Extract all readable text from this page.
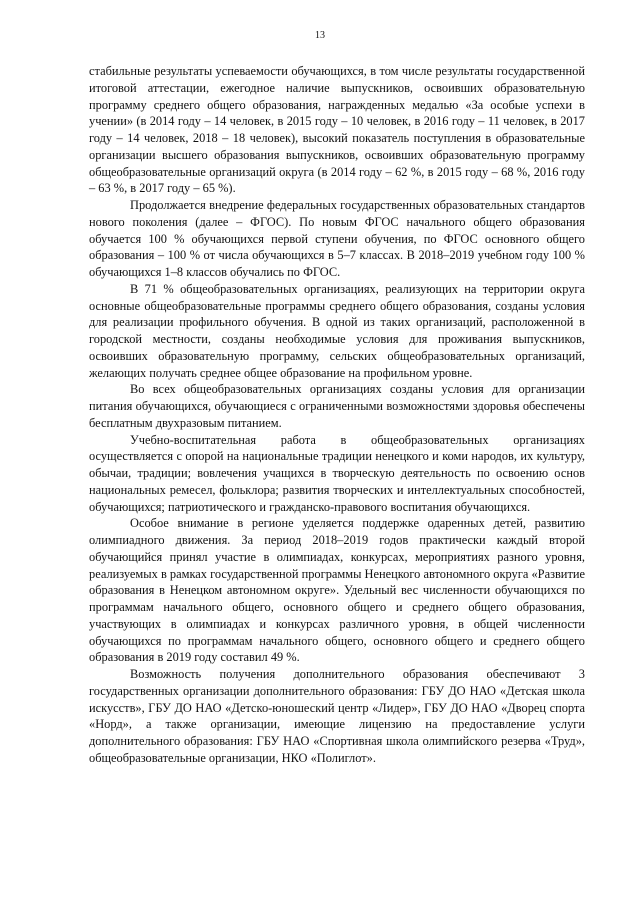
13

стабильные результаты успеваемости обучающихся, в том числе результаты государственной итоговой аттестации, ежегодное наличие выпускников, освоивших образовательную программу среднего общего образования, награжденных медалью «За особые успехи в учении» (в 2014 году – 14 человек, в 2015 году – 10 человек, в 2016 году – 11 человек, в 2017 году – 14 человек, 2018 – 18 человек), высокий показатель поступления в образовательные организации высшего образования выпускников, освоивших образовательную программу общеобразовательные организаций округа (в 2014 году – 62 %, в 2015 году – 68 %, 2016 году – 63 %, в 2017 году – 65 %).

Продолжается внедрение федеральных государственных образовательных стандартов нового поколения (далее – ФГОС). По новым ФГОС начального общего образования обучается 100 % обучающихся первой ступени обучения, по ФГОС основного общего образования – 100 % от числа обучающихся в 5–7 классах. В 2018–2019 учебном году 100 % обучающихся 1–8 классов обучались по ФГОС.

В 71 % общеобразовательных организациях, реализующих на территории округа основные общеобразовательные программы среднего общего образования, созданы условия для реализации профильного обучения. В одной из таких организаций, расположенной в городской местности, созданы необходимые условия для проживания выпускников, освоивших образовательную программу, сельских общеобразовательных организаций, желающих получать среднее общее образование на профильном уровне.

Во всех общеобразовательных организациях созданы условия для организации питания обучающихся, обучающиеся с ограниченными возможностями здоровья обеспечены бесплатным двухразовым питанием.

Учебно-воспитательная работа в общеобразовательных организациях осуществляется с опорой на национальные традиции ненецкого и коми народов, их культуру, обычаи, традиции; вовлечения учащихся в творческую деятельность по освоению основ национальных ремесел, фольклора; развития творческих и интеллектуальных способностей, обучающихся; патриотического и гражданско-правового воспитания обучающихся.

Особое внимание в регионе уделяется поддержке одаренных детей, развитию олимпиадного движения. За период 2018–2019 годов практически каждый второй обучающийся принял участие в олимпиадах, конкурсах, мероприятиях разного уровня, реализуемых в рамках государственной программы Ненецкого автономного округа «Развитие образования в Ненецком автономном округе». Удельный вес численности обучающихся по программам начального общего, основного общего и среднего общего образования, участвующих в олимпиадах и конкурсах различного уровня, в общей численности обучающихся по программам начального общего, основного общего и среднего общего образования в 2019 году составил 49 %.

Возможность получения дополнительного образования обеспечивают 3 государственных организации дополнительного образования: ГБУ ДО НАО «Детская школа искусств», ГБУ ДО НАО «Детско-юношеский центр «Лидер», ГБУ ДО НАО «Дворец спорта «Норд», а также организации, имеющие лицензию на предоставление услуги дополнительного образования: ГБУ НАО «Спортивная школа олимпийского резерва «Труд», общеобразовательные организации, НКО «Полиглот».
